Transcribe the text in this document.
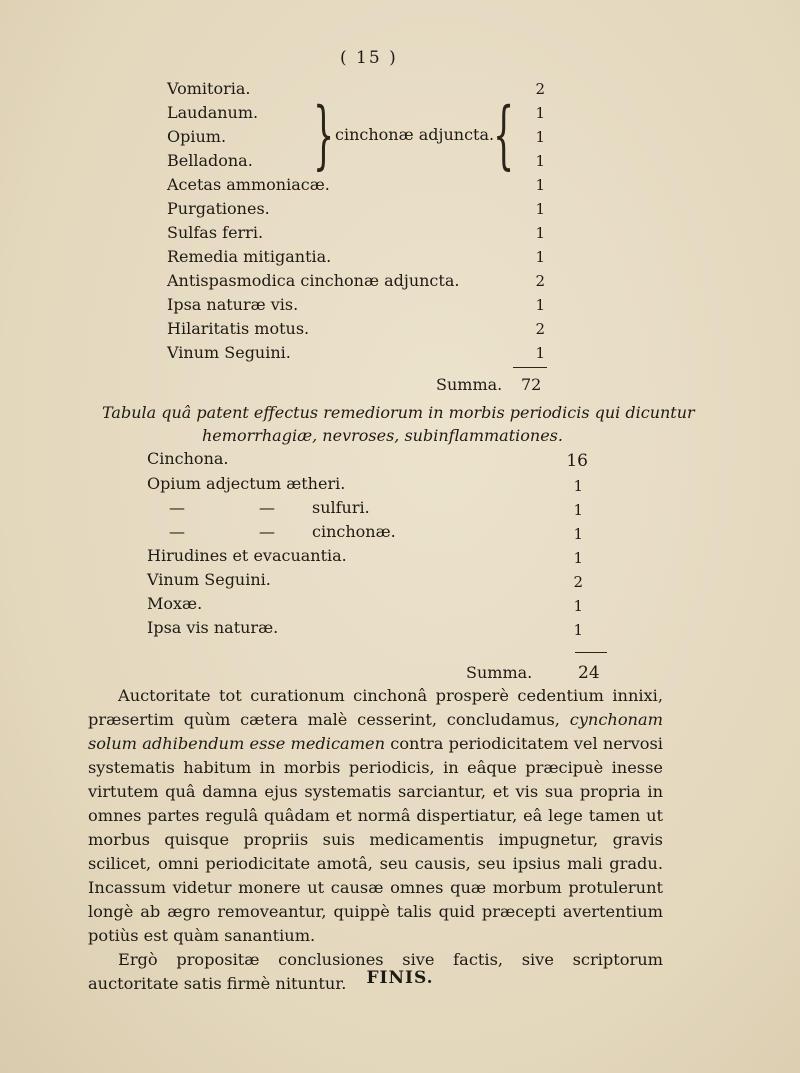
( 15 )
Vomitoria.	2
Laudanum.	1
Opium.	1
Belladona.	1
} cinchonæ adjuncta.
{
Acetas ammoniacæ.	1
Purgationes.	1
Sulfas ferri.	1
Remedia mitigantia.	1
Antispasmodica cinchonæ adjuncta.	2
Ipsa naturæ vis.	1
Hilaritatis motus.	2
Vinum Seguini.	1
Summa. 72
Tabula quâ patent effectus remediorum in morbis periodicis qui dicuntur
hemorrhagiæ, nevroses, subinflammationes.
Cinchona.	16
Opium adjectum ætheri.	1
—	— sulfuri.	1
—	— cinchonæ.	1
Hirudines et evacuantia.	1
Vinum Seguini.	2
Moxæ.	1
Ipsa vis naturæ.	1
Summa.	24

Auctoritate tot curationum cinchonâ prosperè cedentium innixi, præsertim quùm cætera malè cesserint, concludamus, cynchonam solum adhibendum esse medicamen contra periodicitatem vel nervosi systematis habitum in morbis periodicis, in eâque præcipuè inesse virtutem quâ damna ejus systematis sarciantur, et vis sua propria in omnes partes regulâ quâdam et normâ dispertiatur, eâ lege tamen ut morbus quisque propriis suis medicamentis impugnetur, gravis scilicet, omni periodicitate amotâ, seu causis, seu ipsius mali gradu. Incassum videtur monere ut causæ omnes quæ morbum protulerunt longè ab ægro removeantur, quippè talis quid præcepti avertentium potiùs est quàm sanantium.

Ergò propositæ conclusiones sive factis, sive scriptorum auctoritate satis firmè nituntur.	FINIS.
